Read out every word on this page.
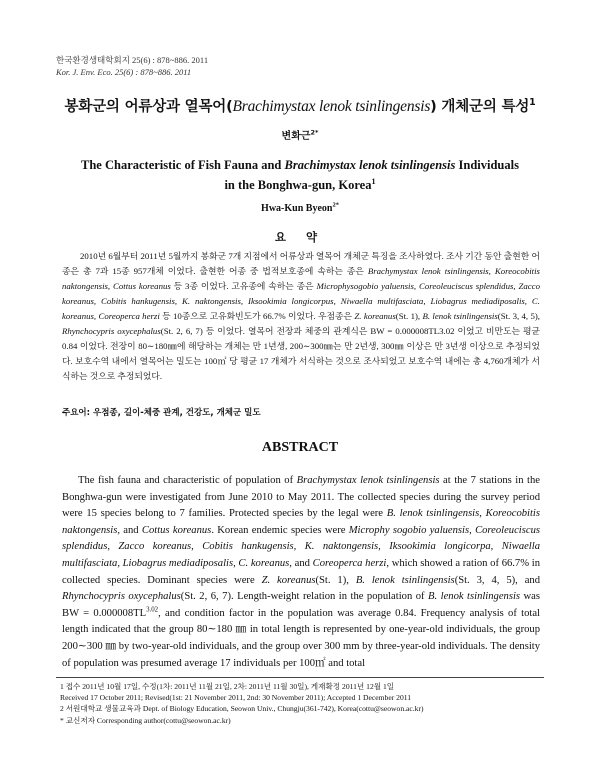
한국환경생태학회지 25(6) : 878~886. 2011
Kor. J. Env. Eco. 25(6) : 878~886. 2011
봉화군의 어류상과 열목어(Brachimystax lenok tsinlingensis) 개체군의 특성$^1$
변화근$^{2*}$
The Characteristic of Fish Fauna and Brachimystax lenok tsinlingensis Individuals
in the Bonghwa-gun, Korea$^1$
Hwa-Kun Byeon$^{2*}$
요 약
2010년 6월부터 2011년 5월까지 봉화군 7개 지점에서 어류상과 열목어 개체군 특징을 조사하였다. 조사 기간 동안 출현한 어종은 총 7과 15종 957개체 이었다. 출현한 어종 중 법적보호종에 속하는 종은 Brachymystax lenok tsinlingensis, Koreocobitis naktongensis, Cottus koreanus 등 3종 이었다. 고유종에 속하는 종은 Microphysogobio yaluensis, Coreoleuciscus splendidus, Zacco koreanus, Cobitis hankugensis, K. naktongensis, Iksookimia longicorpus, Niwaella multifasciata, Liobagrus mediadiposalis, C. koreanus, Coreoperca herzi 등 10종으로 고유화빈도가 66.7% 이었다. 우점종은 Z. koreanus(St. 1), B. lenok tsinlingensis(St. 3, 4, 5), Rhynchocypris oxycephalus(St. 2, 6, 7) 등 이었다. 열목어 전장과 체중의 관계식은 BW = 0.000008TL3.02 이었고 비만도는 평균 0.84 이었다. 전장이 80∼180㎜에 해당하는 개체는 만 1년생, 200∼300㎜는 만 2년생, 300㎜ 이상은 만 3년생 이상으로 추정되었다. 보호수역 내에서 열목어는 밀도는 100㎡ 당 평균 17 개체가 서식하는 것으로 조사되었고 보호수역 내에는 총 4,760개체가 서식하는 것으로 추정되었다.
주요어: 우점종, 길이-체중 관계, 건강도, 개체군 밀도
ABSTRACT
The fish fauna and characteristic of population of Brachymystax lenok tsinlingensis at the 7 stations in the Bonghwa-gun were investigated from June 2010 to May 2011. The collected species during the survey period were 15 species belong to 7 families. Protected species by the legal were B. lenok tsinlingensis, Koreocobitis naktongensis, and Cottus koreanus. Korean endemic species were Microphy sogobio yaluensis, Coreoleuciscus splendidus, Zacco koreanus, Cobitis hankugensis, K. naktongensis, Iksookimia longicorpa, Niwaella multifasciata, Liobagrus mediadiposalis, C. koreanus, and Coreoperca herzi, which showed a ration of 66.7% in collected species. Dominant species were Z. koreanus(St. 1), B. lenok tsinlingensis(St. 3, 4, 5), and Rhynchocypris oxycephalus(St. 2, 6, 7). Length-weight relation in the population of B. lenok tsinlingensis was BW = $0.000008TL^{3.02}$, and condition factor in the population was average 0.84. Frequency analysis of total length indicated that the group 80∼180 ㎜ in total length is represented by one-year-old individuals, the group 200∼300 ㎜ by two-year-old individuals, and the group over 300 mm by three-year-old individuals. The density of population was presumed average 17 individuals per 100㎡ and total
1 접수 2011년 10월 17일, 수정(1차: 2011년 11월 21일, 2차: 2011년 11월 30일), 게재확정 2011년 12월 1일
Received 17 October 2011; Revised(1st: 21 November 2011, 2nd: 30 November 2011); Accepted 1 December 2011
2 서원대학교 생물교육과 Dept. of Biology Education, Seowon Univ., Chungju(361-742), Korea(cottu@seowon.ac.kr)
* 교신저자 Corresponding author(cottu@seowon.ac.kr)
